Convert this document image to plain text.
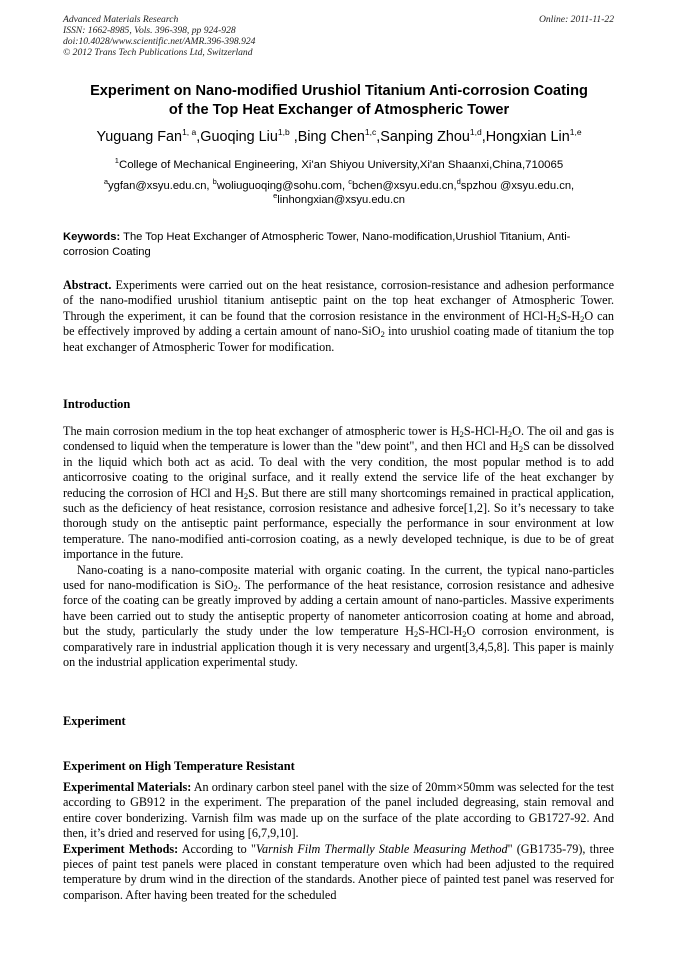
Advanced Materials Research
ISSN: 1662-8985, Vols. 396-398, pp 924-928
doi:10.4028/www.scientific.net/AMR.396-398.924
© 2012 Trans Tech Publications Ltd, Switzerland
Online: 2011-11-22
Experiment on Nano-modified Urushiol Titanium Anti-corrosion Coating
of the Top Heat Exchanger of Atmospheric Tower
Yuguang Fan$^{1, a}$,Guoqing Liu$^{1,b}$ ,Bing Chen$^{1,c}$,Sanping Zhou$^{1,d}$,Hongxian Lin$^{1,e}$
$^1$College of Mechanical Engineering, Xi'an Shiyou University,Xi'an Shaanxi,China,710065
$^a$ygfan@xsyu.edu.cn, $^b$woliuguoqing@sohu.com, $^c$bchen@xsyu.edu.cn,$^d$spzhou @xsyu.edu.cn,
$^e$linhongxian@xsyu.edu.cn
Keywords: The Top Heat Exchanger of Atmospheric Tower, Nano-modification,Urushiol Titanium, Anti-corrosion Coating

Abstract. Experiments were carried out on the heat resistance, corrosion-resistance and adhesion performance of the nano-modified urushiol titanium antiseptic paint on the top heat exchanger of Atmospheric Tower. Through the experiment, it can be found that the corrosion resistance in the environment of HCl-$H_2S-H_2O$ can be effectively improved by adding a certain amount of nano-SiO$_2$ into urushiol coating made of titanium the top heat exchanger of Atmospheric Tower for modification.

Introduction

The main corrosion medium in the top heat exchanger of atmospheric tower is $H_2S-HCl-H_2O$. The oil and gas is condensed to liquid when the temperature is lower than the "dew point", and then HCl and $H_2S$ can be dissolved in the liquid which both act as acid. To deal with the very condition, the most popular method is to add anticorrosive coating to the original surface, and it really extend the service life of the heat exchanger by reducing the corrosion of HCl and $H_2S$. But there are still many shortcomings remained in practical application, such as the deficiency of heat resistance, corrosion resistance and adhesive force[1,2]. So it’s necessary to take thorough study on the antiseptic paint performance, especially the performance in sour environment at low temperature. The nano-modified anti-corrosion coating, as a newly developed technique, is due to be of great importance in the future.

Nano-coating is a nano-composite material with organic coating. In the current, the typical nano-particles used for nano-modification is SiO$_2$. The performance of the heat resistance, corrosion resistance and adhesive force of the coating can be greatly improved by adding a certain amount of nano-particles. Massive experiments have been carried out to study the antiseptic property of nanometer anticorrosion coating at home and abroad, but the study, particularly the study under the low temperature $H_2S-HCl-H_2O$ corrosion environment, is comparatively rare in industrial application though it is very necessary and urgent[3,4,5,8]. This paper is mainly on the industrial application experimental study.

Experiment
Experiment on High Temperature Resistant

Experimental Materials: An ordinary carbon steel panel with the size of 20mm×50mm was selected for the test according to GB912 in the experiment. The preparation of the panel included degreasing, stain removal and entire cover bonderizing. Varnish film was made up on the surface of the plate according to GB1727-92. And then, it’s dried and reserved for using [6,7,9,10].

Experiment Methods: According to "Varnish Film Thermally Stable Measuring Method" (GB1735-79), three pieces of paint test panels were placed in constant temperature oven which had been adjusted to the required temperature by drum wind in the direction of the standards. Another piece of painted test panel was reserved for comparison. After having been treated for the scheduled
